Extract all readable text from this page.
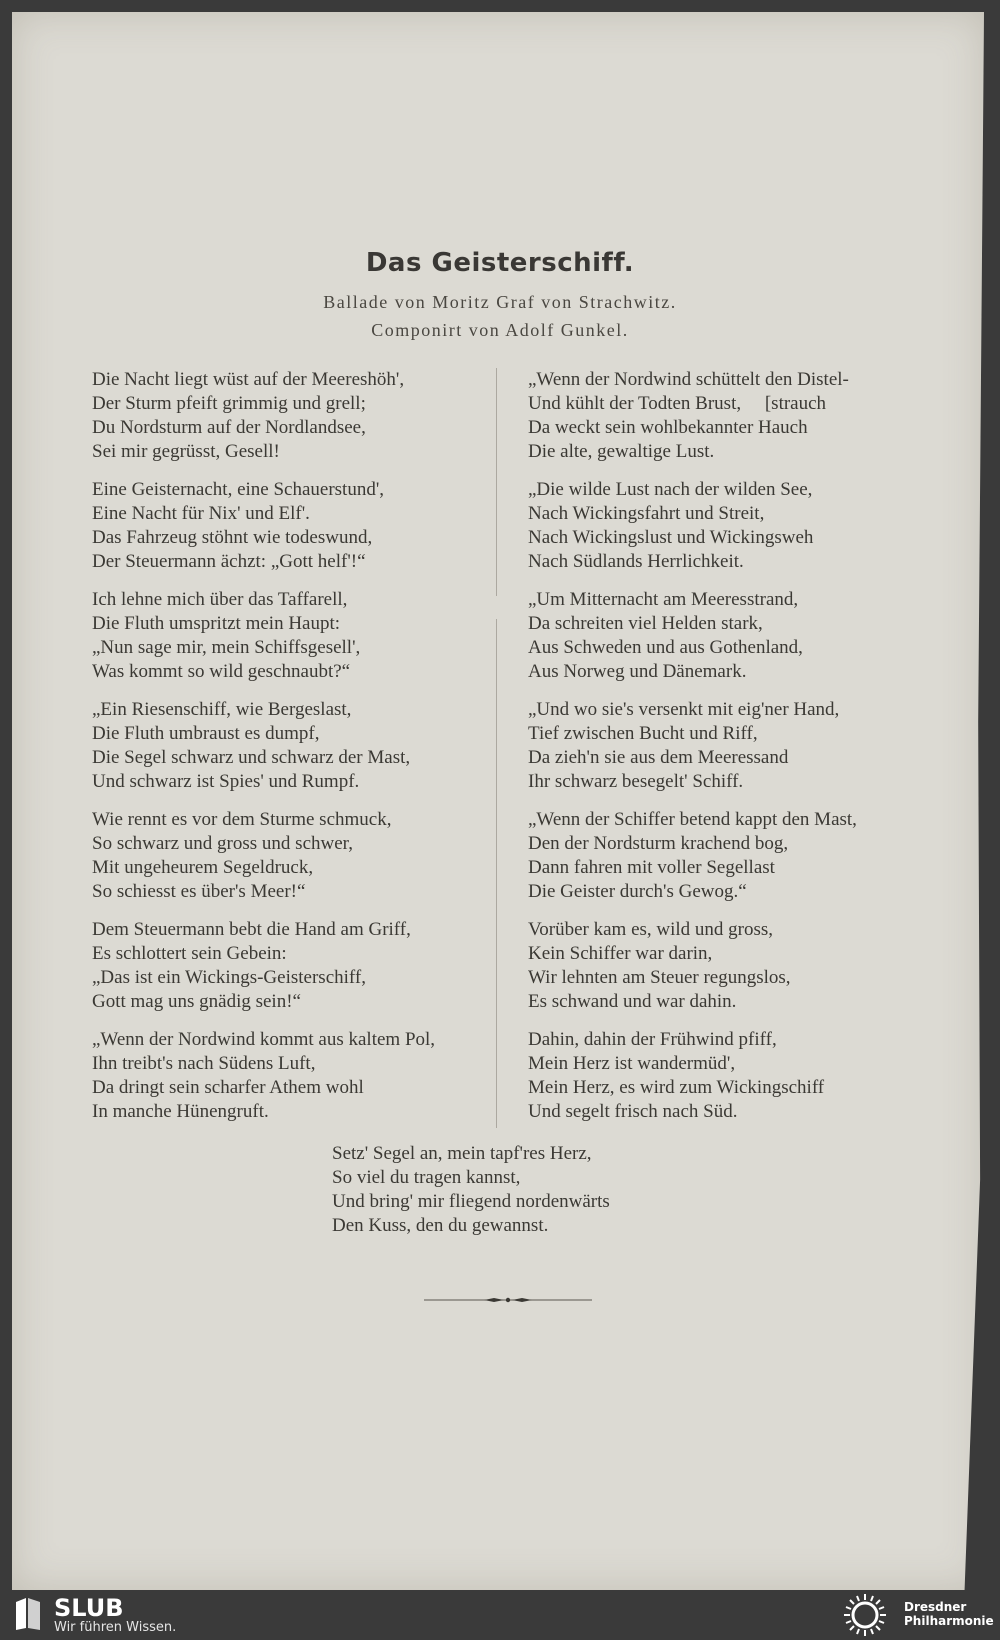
Das Geisterschiff.
Ballade von Moritz Graf von Strachwitz.
Componirt von Adolf Gunkel.
Die Nacht liegt wüst auf der Meereshöh',
Der Sturm pfeift grimmig und grell;
Du Nordsturm auf der Nordlandsee,
Sei mir gegrüsst, Gesell!
Eine Geisternacht, eine Schauerstund',
Eine Nacht für Nix' und Elf'.
Das Fahrzeug stöhnt wie todeswund,
Der Steuermann ächzt: „Gott helf'!“
Ich lehne mich über das Taffarell,
Die Fluth umspritzt mein Haupt:
„Nun sage mir, mein Schiffsgesell',
Was kommt so wild geschnaubt?“
„Ein Riesenschiff, wie Bergeslast,
Die Fluth umbraust es dumpf,
Die Segel schwarz und schwarz der Mast,
Und schwarz ist Spies' und Rumpf.
Wie rennt es vor dem Sturme schmuck,
So schwarz und gross und schwer,
Mit ungeheurem Segeldruck,
So schiesst es über's Meer!“
Dem Steuermann bebt die Hand am Griff,
Es schlottert sein Gebein:
„Das ist ein Wickings-Geisterschiff,
Gott mag uns gnädig sein!“
„Wenn der Nordwind kommt aus kaltem Pol,
Ihn treibt's nach Südens Luft,
Da dringt sein scharfer Athem wohl
In manche Hünengruft.
„Wenn der Nordwind schüttelt den Distel-
Und kühlt der Todten Brust,     [strauch
Da weckt sein wohlbekannter Hauch
Die alte, gewaltige Lust.
„Die wilde Lust nach der wilden See,
Nach Wickingsfahrt und Streit,
Nach Wickingslust und Wickingsweh
Nach Südlands Herrlichkeit.
„Um Mitternacht am Meeresstrand,
Da schreiten viel Helden stark,
Aus Schweden und aus Gothenland,
Aus Norweg und Dänemark.
„Und wo sie's versenkt mit eig'ner Hand,
Tief zwischen Bucht und Riff,
Da zieh'n sie aus dem Meeressand
Ihr schwarz besegelt' Schiff.
„Wenn der Schiffer betend kappt den Mast,
Den der Nordsturm krachend bog,
Dann fahren mit voller Segellast
Die Geister durch's Gewog.“
Vorüber kam es, wild und gross,
Kein Schiffer war darin,
Wir lehnten am Steuer regungslos,
Es schwand und war dahin.
Dahin, dahin der Frühwind pfiff,
Mein Herz ist wandermüd',
Mein Herz, es wird zum Wickingschiff
Und segelt frisch nach Süd.
Setz' Segel an, mein tapf'res Herz,
So viel du tragen kannst,
Und bring' mir fliegend nordenwärts
Den Kuss, den du gewannst.
SLUB
Wir führen Wissen.
Dresdner
Philharmonie
